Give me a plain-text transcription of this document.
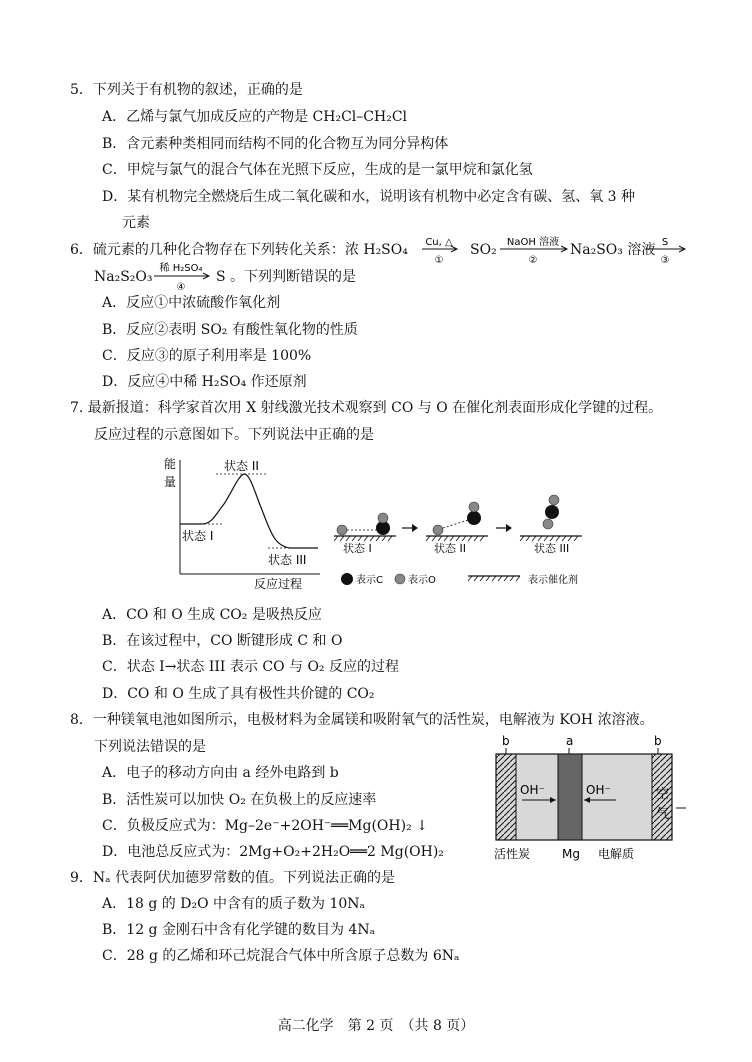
5．下列关于有机物的叙述，正确的是
A．乙烯与氯气加成反应的产物是 CH₂Cl–CH₂Cl
B．含元素种类相同而结构不同的化合物互为同分异构体
C．甲烷与氯气的混合气体在光照下反应，生成的是一氯甲烷和氯化氢
D．某有机物完全燃烧后生成二氧化碳和水，说明该有机物中必定含有碳、氢、氧 3 种
元素
6．硫元素的几种化合物存在下列转化关系：浓 H₂SO₄ Cu, △
①
SO₂ NaOH 溶液
②
Na₂SO₃ 溶液 S
③
Na₂S₂O₃
稀 H₂SO₄
④
S 。下列判断错误的是
A．反应①中浓硫酸作氧化剂
B．反应②表明 SO₂ 有酸性氧化物的性质
C．反应③的原子利用率是 100%
D．反应④中稀 H₂SO₄ 作还原剂
7. 最新报道：科学家首次用 X 射线激光技术观察到 CO 与 O 在催化剂表面形成化学键的过程。
反应过程的示意图如下。下列说法中正确的是
能
量
状态 I
状态 II
状态 III
反应过程
状态 I	状态 II	状态 III
表示C	表示O	表示催化剂
A．CO 和 O 生成 CO₂ 是吸热反应
B．在该过程中，CO 断键形成 C 和 O
C．状态 I→状态 III 表示 CO 与 O₂ 反应的过程
D．CO 和 O 生成了具有极性共价键的 CO₂
8．一种镁氧电池如图所示，电极材料为金属镁和吸附氧气的活性炭，电解液为 KOH 浓溶液。
下列说法错误的是
A．电子的移动方向由 a 经外电路到 b
B．活性炭可以加快 O₂ 在负极上的反应速率
C．负极反应式为：Mg–2e⁻+2OH⁻══Mg(OH)₂ ↓
D．电池总反应式为：2Mg+O₂+2H₂O══2 Mg(OH)₂
b	a	b
OH⁻	OH⁻	空
气
活性炭	Mg 电解质
9．Nₐ 代表阿伏加德罗常数的值。下列说法正确的是
A．18 g 的 D₂O 中含有的质子数为 10Nₐ
B．12 g 金刚石中含有化学键的数目为 4Nₐ
C．28 g 的乙烯和环己烷混合气体中所含原子总数为 6Nₐ
高二化学　第 2 页　（共 8 页）
